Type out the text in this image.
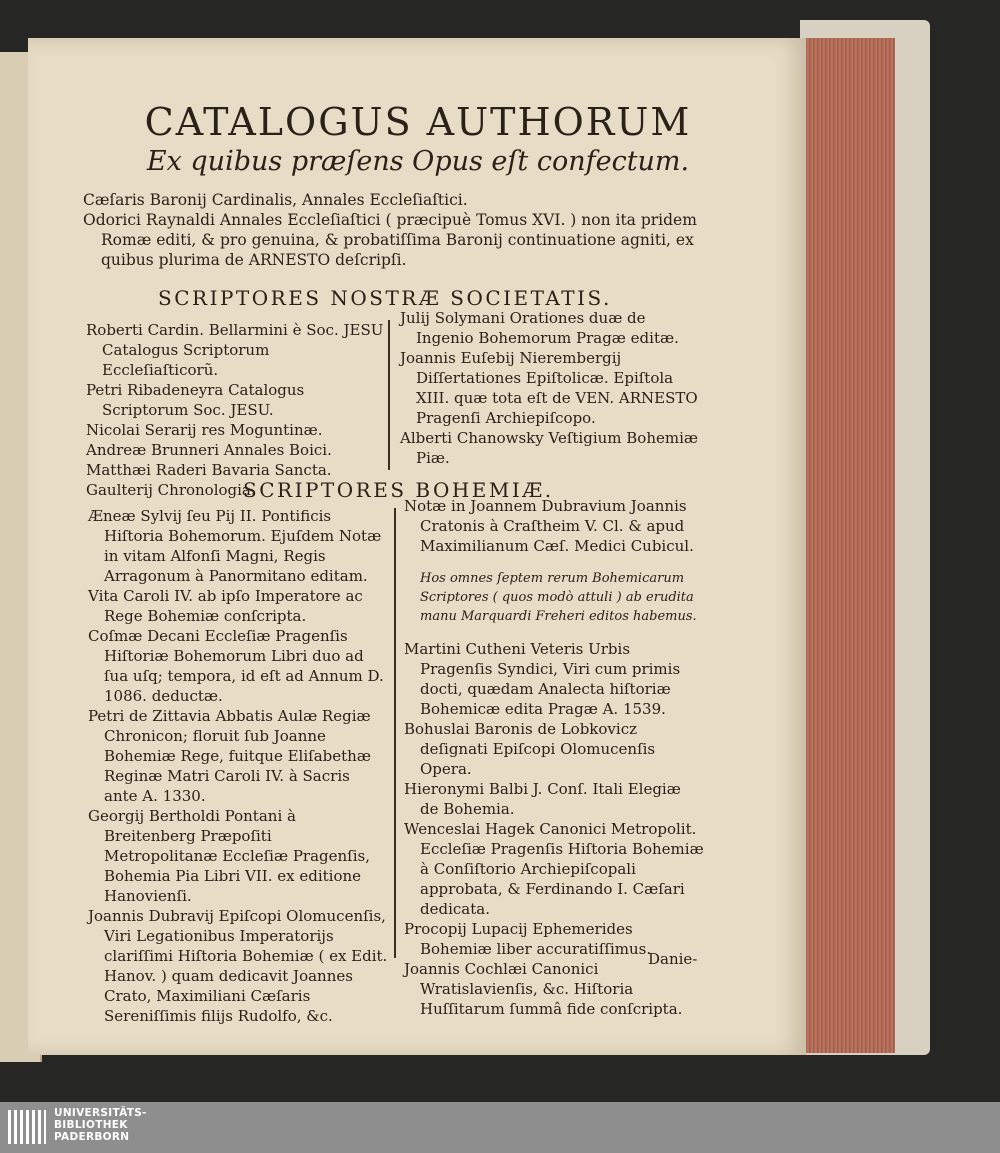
CATALOGUS AUTHORUM
Ex quibus præſens Opus eſt confectum.

Cæſaris Baronij Cardinalis, Annales Eccleſiaſtici.

Odorici Raynaldi Annales Eccleſiaſtici ( præcipuè Tomus XVI. ) non ita pridem Romæ editi, & pro genuina, & probatiſſima Baronij continuatione agniti, ex quibus plurima de ARNESTO deſcripſi.

SCRIPTORES NOSTRÆ SOCIETATIS.

Roberti Cardin. Bellarmini è Soc. JESU Catalogus Scriptorum Eccleſiaſticorũ.

Petri Ribadeneyra Catalogus Scriptorum Soc. JESU.

Nicolai Serarij res Moguntinæ.

Andreæ Brunneri Annales Boici.

Matthæi Raderi Bavaria Sancta.

Gaulterij Chronologia.

Julij Solymani Orationes duæ de Ingenio Bohemorum Pragæ editæ.

Joannis Euſebij Nierembergij Diſſertationes Epiſtolicæ. Epiſtola XIII. quæ tota eſt de VEN. ARNESTO Pragenſi Archiepiſcopo.

Alberti Chanowsky Veſtigium Bohemiæ Piæ.

SCRIPTORES BOHEMIÆ.

Æneæ Sylvij ſeu Pij II. Pontificis Hiſtoria Bohemorum. Ejuſdem Notæ in vitam Alfonſi Magni, Regis Arragonum à Panormitano editam.

Vita Caroli IV. ab ipſo Imperatore ac Rege Bohemiæ conſcripta.

Coſmæ Decani Eccleſiæ Pragenſis Hiſtoriæ Bohemorum Libri duo ad ſua uſq; tempora, id eſt ad Annum D. 1086. deductæ.

Petri de Zittavia Abbatis Aulæ Regiæ Chronicon; floruit ſub Joanne Bohemiæ Rege, fuitque Eliſabethæ Reginæ Matri Caroli IV. à Sacris ante A. 1330.

Georgij Bertholdi Pontani à Breitenberg Præpoſiti Metropolitanæ Eccleſiæ Pragenſis, Bohemia Pia Libri VII. ex editione Hanovienſi.

Joannis Dubravij Epiſcopi Olomucenſis, Viri Legationibus Imperatorijs clariſſimi Hiſtoria Bohemiæ ( ex Edit. Hanov. ) quam dedicavit Joannes Crato, Maximiliani Cæſaris Sereniſſimis filijs Rudolfo, &c.

Notæ in Joannem Dubravium Joannis Cratonis à Craſtheim V. Cl. & apud Maximilianum Cæſ. Medici Cubicul.

Hos omnes ſeptem rerum Bohemicarum Scriptores ( quos modò attuli ) ab erudita manu Marquardi Freheri editos habemus.

Martini Cutheni Veteris Urbis Pragenſis Syndici, Viri cum primis docti, quædam Analecta hiſtoriæ Bohemicæ edita Pragæ A. 1539.

Bohuslai Baronis de Lobkovicz deſignati Epiſcopi Olomucenſis Opera.

Hieronymi Balbi J. Conſ. Itali Elegiæ de Bohemia.

Wenceslai Hagek Canonici Metropolit. Eccleſiæ Pragenſis Hiſtoria Bohemiæ à Conſiſtorio Archiepiſcopali approbata, & Ferdinando I. Cæſari dedicata.

Procopij Lupacij Ephemerides Bohemiæ liber accuratiſſimus.

Joannis Cochlæi Canonici Wratislavienſis, &c. Hiſtoria Huſſitarum ſummâ fide conſcripta.

Danie-
UNIVERSITÄTS-
BIBLIOTHEK
PADERBORN
